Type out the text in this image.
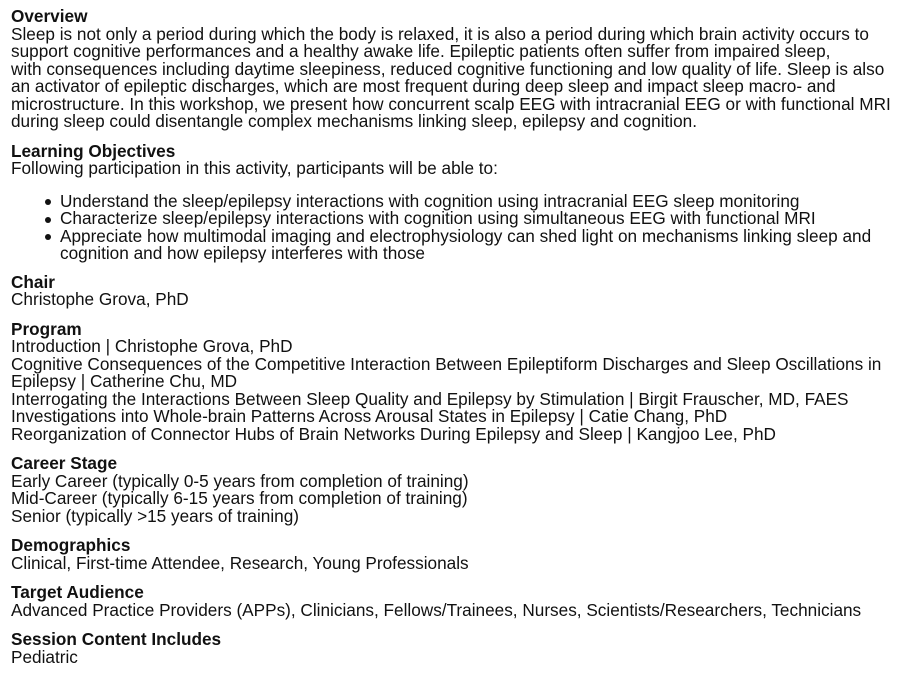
Overview
Sleep is not only a period during which the body is relaxed, it is also a period during which brain activity occurs to
support cognitive performances and a healthy awake life. Epileptic patients often suffer from impaired sleep,
with consequences including daytime sleepiness, reduced cognitive functioning and low quality of life. Sleep is also
an activator of epileptic discharges, which are most frequent during deep sleep and impact sleep macro- and
microstructure. In this workshop, we present how concurrent scalp EEG with intracranial EEG or with functional MRI
during sleep could disentangle complex mechanisms linking sleep, epilepsy and cognition.
Learning Objectives
Following participation in this activity, participants will be able to:
Understand the sleep/epilepsy interactions with cognition using intracranial EEG sleep monitoring
Characterize sleep/epilepsy interactions with cognition using simultaneous EEG with functional MRI
Appreciate how multimodal imaging and electrophysiology can shed light on mechanisms linking sleep and
cognition and how epilepsy interferes with those
Chair
Christophe Grova, PhD
Program
Introduction | Christophe Grova, PhD
Cognitive Consequences of the Competitive Interaction Between Epileptiform Discharges and Sleep Oscillations in
Epilepsy | Catherine Chu, MD
Interrogating the Interactions Between Sleep Quality and Epilepsy by Stimulation | Birgit Frauscher, MD, FAES
Investigations into Whole-brain Patterns Across Arousal States in Epilepsy | Catie Chang, PhD
Reorganization of Connector Hubs of Brain Networks During Epilepsy and Sleep | Kangjoo Lee, PhD
Career Stage
Early Career (typically 0-5 years from completion of training)
Mid-Career (typically 6-15 years from completion of training)
Senior (typically >15 years of training)
Demographics
Clinical, First-time Attendee, Research, Young Professionals
Target Audience
Advanced Practice Providers (APPs), Clinicians, Fellows/Trainees, Nurses, Scientists/Researchers, Technicians
Session Content Includes
Pediatric
